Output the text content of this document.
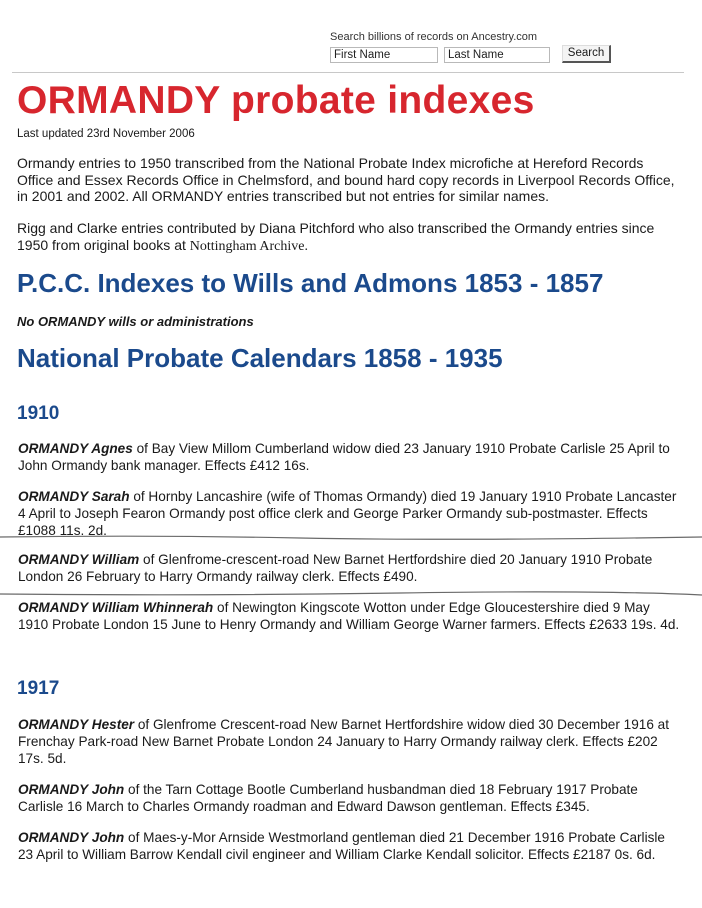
Search billions of records on Ancestry.com
First Name	Last Name	Search
ORMANDY probate indexes
Last updated 23rd November 2006

Ormandy entries to 1950 transcribed from the National Probate Index microfiche at Hereford Records Office and Essex Records Office in Chelmsford, and bound hard copy records in Liverpool Records Office, in 2001 and 2002. All ORMANDY entries transcribed but not entries for similar names.

Rigg and Clarke entries contributed by Diana Pitchford who also transcribed the Ormandy entries since 1950 from original books at Nottingham Archive.

P.C.C. Indexes to Wills and Admons 1853 - 1857
No ORMANDY wills or administrations
National Probate Calendars 1858 - 1935
1910

ORMANDY Agnes of Bay View Millom Cumberland widow died 23 January 1910 Probate Carlisle 25 April to John Ormandy bank manager. Effects £412 16s.

ORMANDY Sarah of Hornby Lancashire (wife of Thomas Ormandy) died 19 January 1910 Probate Lancaster 4 April to Joseph Fearon Ormandy post office clerk and George Parker Ormandy sub-postmaster. Effects £1088 11s. 2d.

ORMANDY William of Glenfrome-crescent-road New Barnet Hertfordshire died 20 January 1910 Probate London 26 February to Harry Ormandy railway clerk. Effects £490.

ORMANDY William Whinnerah of Newington Kingscote Wotton under Edge Gloucestershire died 9 May 1910 Probate London 15 June to Henry Ormandy and William George Warner farmers. Effects £2633 19s. 4d.

1917

ORMANDY Hester of Glenfrome Crescent-road New Barnet Hertfordshire widow died 30 December 1916 at Frenchay Park-road New Barnet Probate London 24 January to Harry Ormandy railway clerk. Effects £202 17s. 5d.

ORMANDY John of the Tarn Cottage Bootle Cumberland husbandman died 18 February 1917 Probate Carlisle 16 March to Charles Ormandy roadman and Edward Dawson gentleman. Effects £345.

ORMANDY John of Maes-y-Mor Arnside Westmorland gentleman died 21 December 1916 Probate Carlisle 23 April to William Barrow Kendall civil engineer and William Clarke Kendall solicitor. Effects £2187 0s. 6d.
